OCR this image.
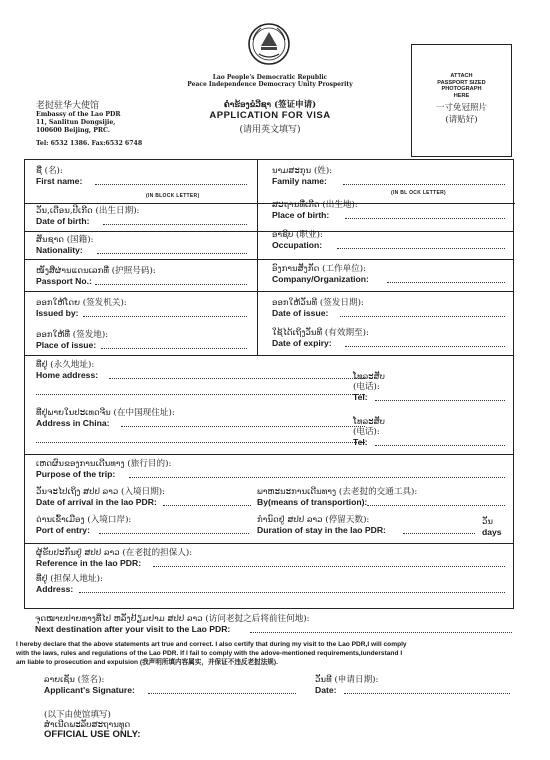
Lao People's Democratic Republic
Peace Independence Democracy Unity Prosperity
ຄຳຮ້ອງຂໍວີຊາ (签证申请)
APPLICATION FOR VISA
(请用英文填写)
老挝驻华大使馆
Embassy of the Lao PDR
11, Sanlitun Dongsijie,
100600 Beijing, PRC.
Tel: 6532 1386. Fax:6532 6748
ATTACH
PASSPORT SIZED
PHOTOGRAPH
HERE
一寸免冠照片
(请贴好)
ຊື່ (名):
First name:
(IN BLOCK LETTER)
ນາມສະກຸນ (姓):
Family name:
(IN BL OCK LETTER)
ວັນ,ເດືອນ,ປີເກີດ (出生日期):
Date of birth:
ສະຖານທີ່ເກີດ (出生地):
Place of birth:
ສັນຊາດ (国籍):
Nationality:
ອາຊີບ (职业):
Occupation:
ໜັງສືຜ່ານແດນເລກທີ່ (护照号码):
Passport No.:
ອົງການສັງກັດ (工作单位):
Company/Organization:
ອອກໃຫ້ໂດຍ (签发机关):
Issued by:
ອອກໃຫ້ວັນທີ (签发日期):
Date of issue:
ອອກໃຫ້ທີ່ (签发地):
Place of issue:
ໃຊ້ໄດ້ເຖິງວັນທີ (有效期至):
Date of expiry:
ທີ່ຢູ່ (永久地址):
Home address:	ໂທລະສັບ
(电话):
Tel:
ທີ່ຢູ່ພາຍໃນປະເທດຈີນ (在中国现住址):
Address in China:	ໂທລະສັບ
(电话):
Tel:
ເຫດຜົນຂອງການເດີນທາງ (旅行目的):
Purpose of the trip:
ວັນຈະໄປເຖິງ ສປປ ລາວ (入境日期):
Date of arrival in the lao PDR:
ພາຫະນະການເດີນທາງ (去老挝的交通工具):
By(means of transportion):
ດ່ານເຂົ້າເມືອງ (入境口岸):
Port of entry:
ກຳນົດຢູ່ ສປປ ລາວ (停留天数):
Duration of stay in the lao PDR:
ວັນ
days
ຜູ້ຮັບປະກັນຢູ່ ສປປ ລາວ (在老挝的担保人):
Reference in the lao PDR:
ທີ່ຢູ່ (担保人地址):
Address:
ຈຸດໝາຍປາຍທາງທີ່ໄປ ຫລັງຢ້ຽມຢາມ ສປປ ລາວ (访问老挝之后将前往何地):
Next destination after your visit to the Lao PDR:
I hereby declare that the above statements art true and correct. I also certify that during my visit to the Lao PDR,I will comply
with the laws, rules and regulations of the Lao PDR. If I fail to comply with the adove-mentioned requirements,Iunderstand I
am liable to prosecution and expulsion (我声明所填内容属实，并保证不违反老挝法规).
ລາຍເຊັນ (签名):
Applicant's Signature:
ວັນທີ (申请日期):
Date:
(以下由使馆填写)
ສຳເນີດພະລັບສະຖານທູດ
OFFICIAL USE ONLY:
